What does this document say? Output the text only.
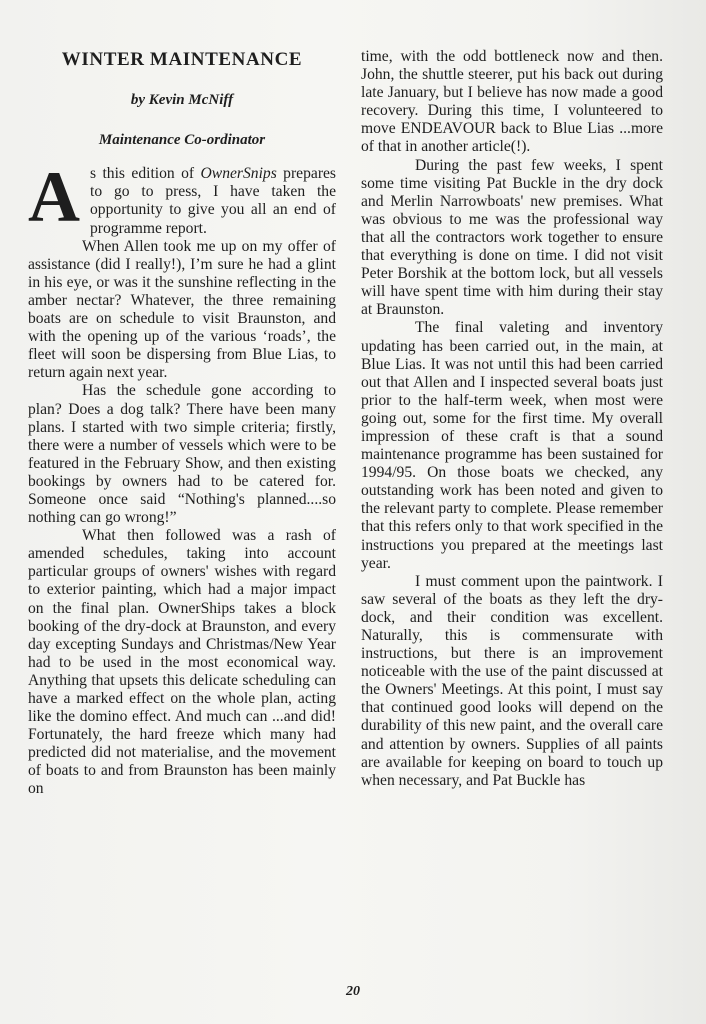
WINTER MAINTENANCE
by Kevin McNiff
Maintenance Co-ordinator

As this edition of OwnerSnips prepares to go to press, I have taken the opportunity to give you all an end of programme report.

When Allen took me up on my offer of assistance (did I really!), I’m sure he had a glint in his eye, or was it the sunshine reflecting in the amber nectar? Whatever, the three remaining boats are on schedule to visit Braunston, and with the opening up of the various ‘roads’, the fleet will soon be dispersing from Blue Lias, to return again next year.

Has the schedule gone according to plan? Does a dog talk? There have been many plans. I started with two simple criteria; firstly, there were a number of vessels which were to be featured in the February Show, and then existing bookings by owners had to be catered for. Someone once said “Nothing's planned....so nothing can go wrong!”

What then followed was a rash of amended schedules, taking into account particular groups of owners' wishes with regard to exterior painting, which had a major impact on the final plan. OwnerShips takes a block booking of the dry-dock at Braunston, and every day excepting Sundays and Christmas/New Year had to be used in the most economical way. Anything that upsets this delicate scheduling can have a marked effect on the whole plan, acting like the domino effect. And much can ...and did! Fortunately, the hard freeze which many had predicted did not materialise, and the movement of boats to and from Braunston has been mainly on

time, with the odd bottleneck now and then. John, the shuttle steerer, put his back out during late January, but I believe has now made a good recovery. During this time, I volunteered to move ENDEAVOUR back to Blue Lias ...more of that in another article(!).

During the past few weeks, I spent some time visiting Pat Buckle in the dry dock and Merlin Narrowboats' new premises. What was obvious to me was the professional way that all the contractors work together to ensure that everything is done on time. I did not visit Peter Borshik at the bottom lock, but all vessels will have spent time with him during their stay at Braunston.

The final valeting and inventory updating has been carried out, in the main, at Blue Lias. It was not until this had been carried out that Allen and I inspected several boats just prior to the half-term week, when most were going out, some for the first time. My overall impression of these craft is that a sound maintenance programme has been sustained for 1994/95. On those boats we checked, any outstanding work has been noted and given to the relevant party to complete. Please remember that this refers only to that work specified in the instructions you prepared at the meetings last year.

I must comment upon the paintwork. I saw several of the boats as they left the dry-dock, and their condition was excellent. Naturally, this is commensurate with instructions, but there is an improvement noticeable with the use of the paint discussed at the Owners' Meetings. At this point, I must say that continued good looks will depend on the durability of this new paint, and the overall care and attention by owners. Supplies of all paints are available for keeping on board to touch up when necessary, and Pat Buckle has

20
